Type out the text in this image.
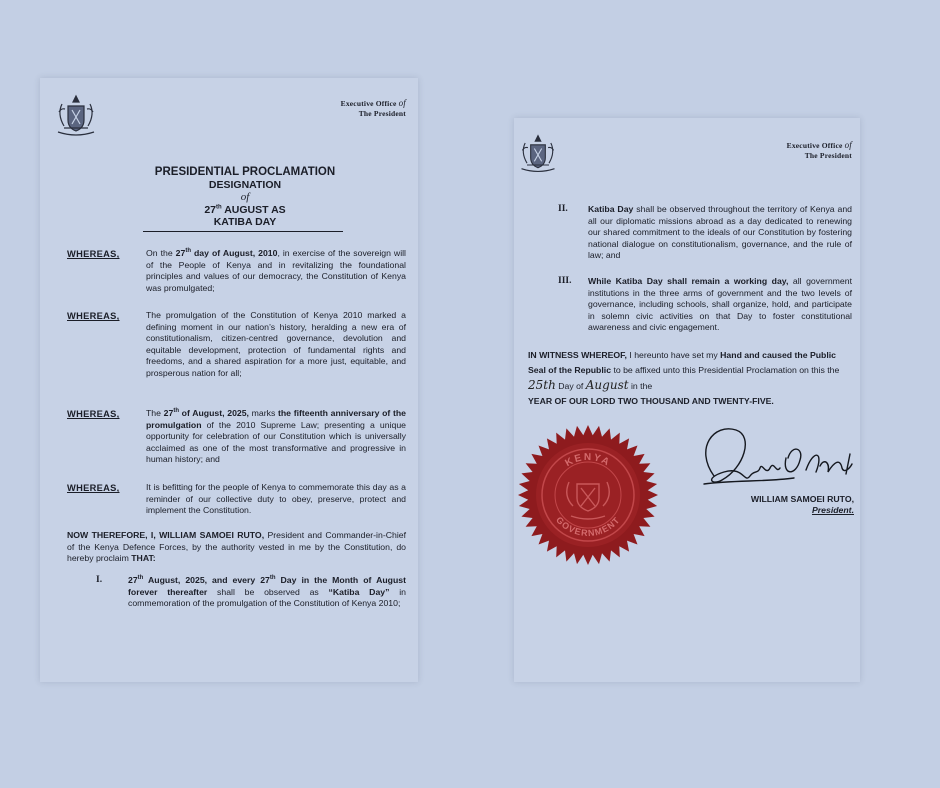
Executive Office of
The President
PRESIDENTIAL PROCLAMATION
DESIGNATION
of
27th AUGUST AS
KATIBA DAY
WHEREAS,	On the 27th day of August, 2010, in exercise of the sovereign will of the People of Kenya and in revitalizing the foundational principles and values of our democracy, the Constitution of Kenya was promulgated;
WHEREAS,	The promulgation of the Constitution of Kenya 2010 marked a defining moment in our nation’s history, heralding a new era of constitutionalism, citizen-centred governance, devolution and equitable development, protection of fundamental rights and freedoms, and a shared aspiration for a more just, equitable, and prosperous nation for all;
WHEREAS,	The 27th of August, 2025, marks the fifteenth anniversary of the promulgation of the 2010 Supreme Law; presenting a unique opportunity for celebration of our Constitution which is universally acclaimed as one of the most transformative and progressive in human history; and
WHEREAS,	It is befitting for the people of Kenya to commemorate this day as a reminder of our collective duty to obey, preserve, protect and implement the Constitution.
NOW THEREFORE, I, WILLIAM SAMOEI RUTO, President and Commander-in-Chief of the Kenya Defence Forces, by the authority vested in me by the Constitution, do hereby proclaim THAT:
I.	27th August, 2025, and every 27th Day in the Month of August forever thereafter shall be observed as “Katiba Day” in commemoration of the promulgation of the Constitution of Kenya 2010;
Executive Office of
The President
II. Katiba Day shall be observed throughout the territory of Kenya and all our diplomatic missions abroad as a day dedicated to renewing our shared commitment to the ideals of our Constitution by fostering national dialogue on constitutionalism, governance, and the rule of law; and
III. While Katiba Day shall remain a working day, all government institutions in the three arms of government and the two levels of governance, including schools, shall organize, hold, and participate in solemn civic activities on that Day to foster constitutional awareness and civic engagement.
IN WITNESS WHEREOF, I hereunto have set my Hand and caused the Public Seal of the Republic to be affixed unto this Presidential Proclamation on this the 25th Day of August in the
YEAR OF OUR LORD TWO THOUSAND AND TWENTY-FIVE.
KENYA
GOVERNMENT
WILLIAM SAMOEI RUTO,
President.
